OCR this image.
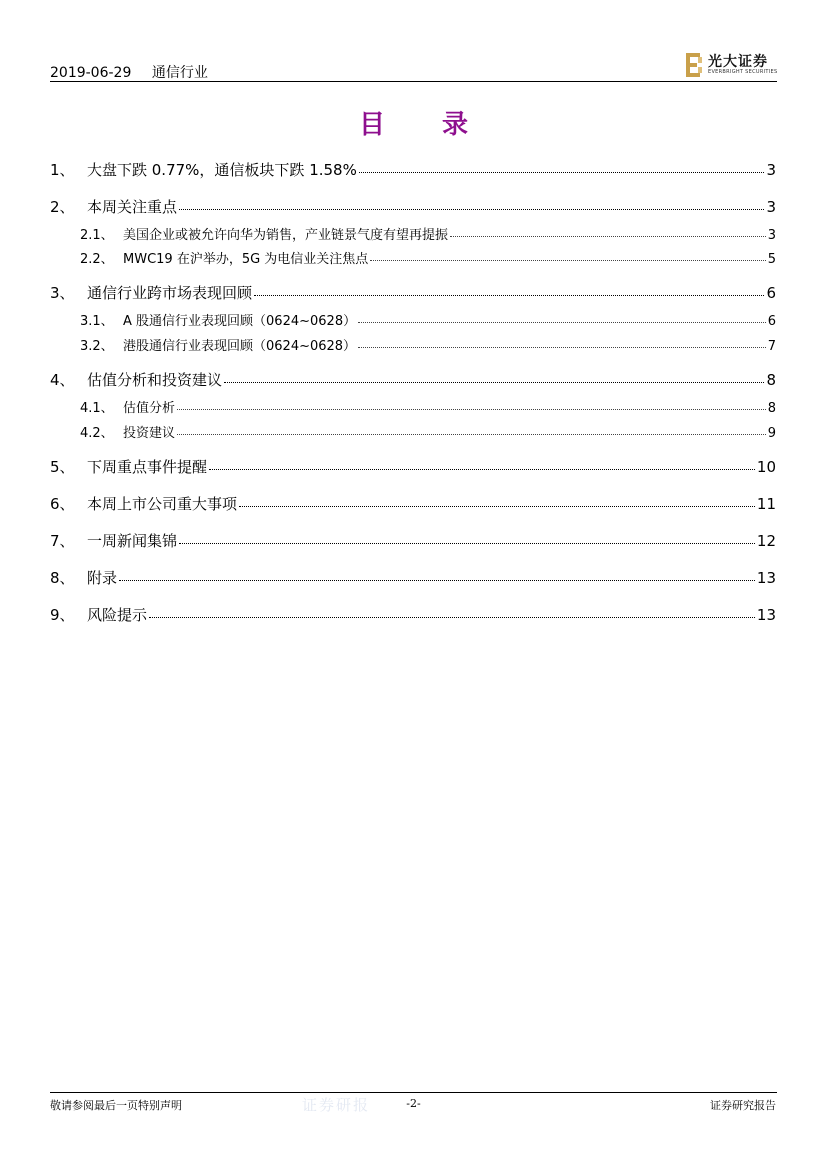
2019-06-29 通信行业
光大证券
EVERBRIGHT SECURITIES
目 录
1、 大盘下跌 0.77%，通信板块下跌 1.58%	3
2、 本周关注重点	3
2.1、 美国企业或被允许向华为销售，产业链景气度有望再提振	3
2.2、 MWC19 在沪举办，5G 为电信业关注焦点	5
3、 通信行业跨市场表现回顾	6
3.1、 A 股通信行业表现回顾（0624~0628）	6
3.2、 港股通信行业表现回顾（0624~0628）	7
4、 估值分析和投资建议	8
4.1、 估值分析	8
4.2、 投资建议	9
5、 下周重点事件提醒	10
6、 本周上市公司重大事项	11
7、 一周新闻集锦	12
8、 附录	13
9、 风险提示	13
敬请参阅最后一页特别声明	证券研报	-2-	证券研究报告
